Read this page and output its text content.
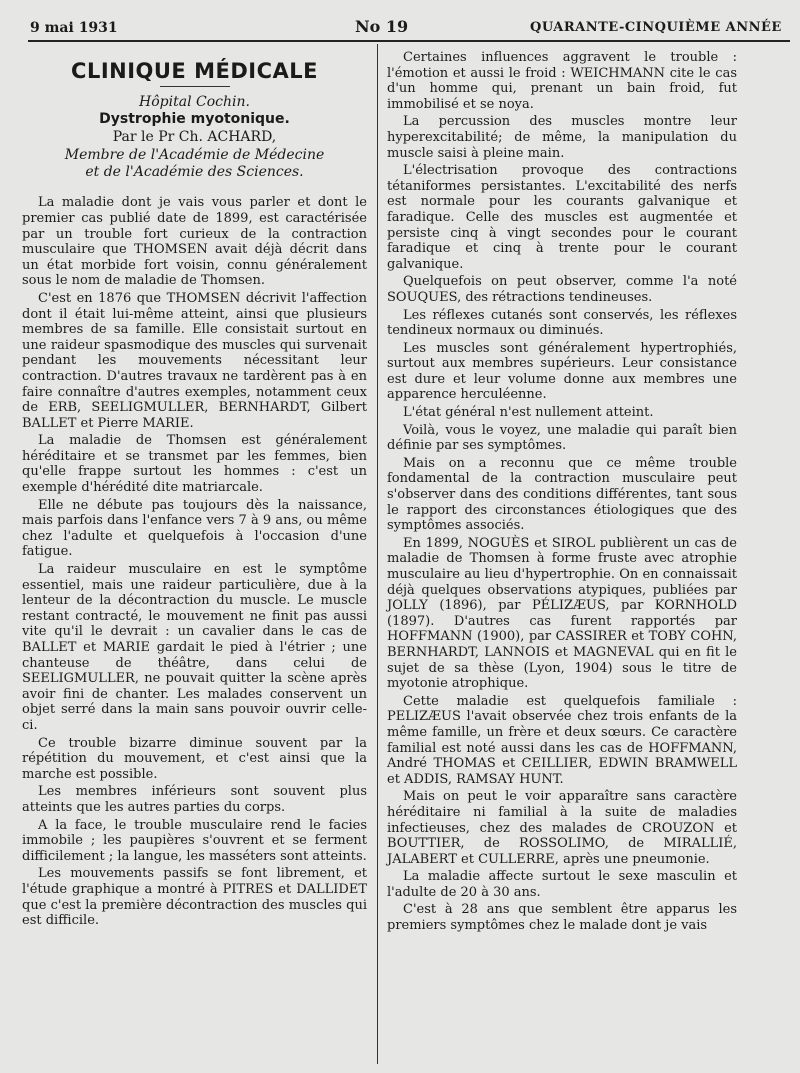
9 mai 1931	No 19	QUARANTE-CINQUIÈME ANNÉE
CLINIQUE MÉDICALE

Hôpital Cochin.

Dystrophie myotonique.

Par le Pr Ch. ACHARD,

Membre de l'Académie de Médecine
et de l'Académie des Sciences.

La maladie dont je vais vous parler et dont le premier cas publié date de 1899, est caractérisée par un trouble fort curieux de la contraction musculaire que THOMSEN avait déjà décrit dans un état morbide fort voisin, connu généralement sous le nom de maladie de Thomsen.

C'est en 1876 que THOMSEN décrivit l'affection dont il était lui-même atteint, ainsi que plusieurs membres de sa famille. Elle consistait surtout en une raideur spasmodique des muscles qui survenait pendant les mouvements nécessitant leur contraction. D'autres travaux ne tardèrent pas à en faire connaître d'autres exemples, notamment ceux de ERB, SEELIGMULLER, BERNHARDT, Gilbert BALLET et Pierre MARIE.

La maladie de Thomsen est généralement héréditaire et se transmet par les femmes, bien qu'elle frappe surtout les hommes : c'est un exemple d'hérédité dite matriarcale.

Elle ne débute pas toujours dès la naissance, mais parfois dans l'enfance vers 7 à 9 ans, ou même chez l'adulte et quelquefois à l'occasion d'une fatigue.

La raideur musculaire en est le symptôme essentiel, mais une raideur particulière, due à la lenteur de la décontraction du muscle. Le muscle restant contracté, le mouvement ne finit pas aussi vite qu'il le devrait : un cavalier dans le cas de BALLET et MARIE gardait le pied à l'étrier ; une chanteuse de théâtre, dans celui de SEELIGMULLER, ne pouvait quitter la scène après avoir fini de chanter. Les malades conservent un objet serré dans la main sans pouvoir ouvrir celle-ci.

Ce trouble bizarre diminue souvent par la répétition du mouvement, et c'est ainsi que la marche est possible.

Les membres inférieurs sont souvent plus atteints que les autres parties du corps.

A la face, le trouble musculaire rend le facies immobile ; les paupières s'ouvrent et se ferment difficilement ; la langue, les masséters sont atteints.

Les mouvements passifs se font librement, et l'étude graphique a montré à PITRES et DALLIDET que c'est la première décontraction des muscles qui est difficile.

Certaines influences aggravent le trouble : l'émotion et aussi le froid : WEICHMANN cite le cas d'un homme qui, prenant un bain froid, fut immobilisé et se noya.

La percussion des muscles montre leur hyperexcitabilité; de même, la manipulation du muscle saisi à pleine main.

L'électrisation provoque des contractions tétaniformes persistantes. L'excitabilité des nerfs est normale pour les courants galvanique et faradique. Celle des muscles est augmentée et persiste cinq à vingt secondes pour le courant faradique et cinq à trente pour le courant galvanique.

Quelquefois on peut observer, comme l'a noté SOUQUES, des rétractions tendineuses.

Les réflexes cutanés sont conservés, les réflexes tendineux normaux ou diminués.

Les muscles sont généralement hypertrophiés, surtout aux membres supérieurs. Leur consistance est dure et leur volume donne aux membres une apparence herculéenne.

L'état général n'est nullement atteint.

Voilà, vous le voyez, une maladie qui paraît bien définie par ses symptômes.

Mais on a reconnu que ce même trouble fondamental de la contraction musculaire peut s'observer dans des conditions différentes, tant sous le rapport des circonstances étiologiques que des symptômes associés.

En 1899, NOGUÈS et SIROL publièrent un cas de maladie de Thomsen à forme fruste avec atrophie musculaire au lieu d'hypertrophie. On en connaissait déjà quelques observations atypiques, publiées par JOLLY (1896), par PÉLIZÆUS, par KORNHOLD (1897). D'autres cas furent rapportés par HOFFMANN (1900), par CASSIRER et TOBY COHN, BERNHARDT, LANNOIS et MAGNEVAL qui en fit le sujet de sa thèse (Lyon, 1904) sous le titre de myotonie atrophique.

Cette maladie est quelquefois familiale : PELIZÆUS l'avait observée chez trois enfants de la même famille, un frère et deux sœurs. Ce caractère familial est noté aussi dans les cas de HOFFMANN, André THOMAS et CEILLIER, EDWIN BRAMWELL et ADDIS, RAMSAY HUNT.

Mais on peut le voir apparaître sans caractère héréditaire ni familial à la suite de maladies infectieuses, chez des malades de CROUZON et BOUTTIER, de ROSSOLIMO, de MIRALLIÉ, JALABERT et CULLERRE, après une pneumonie.

La maladie affecte surtout le sexe masculin et l'adulte de 20 à 30 ans.

C'est à 28 ans que semblent être apparus les premiers symptômes chez le malade dont je vais
